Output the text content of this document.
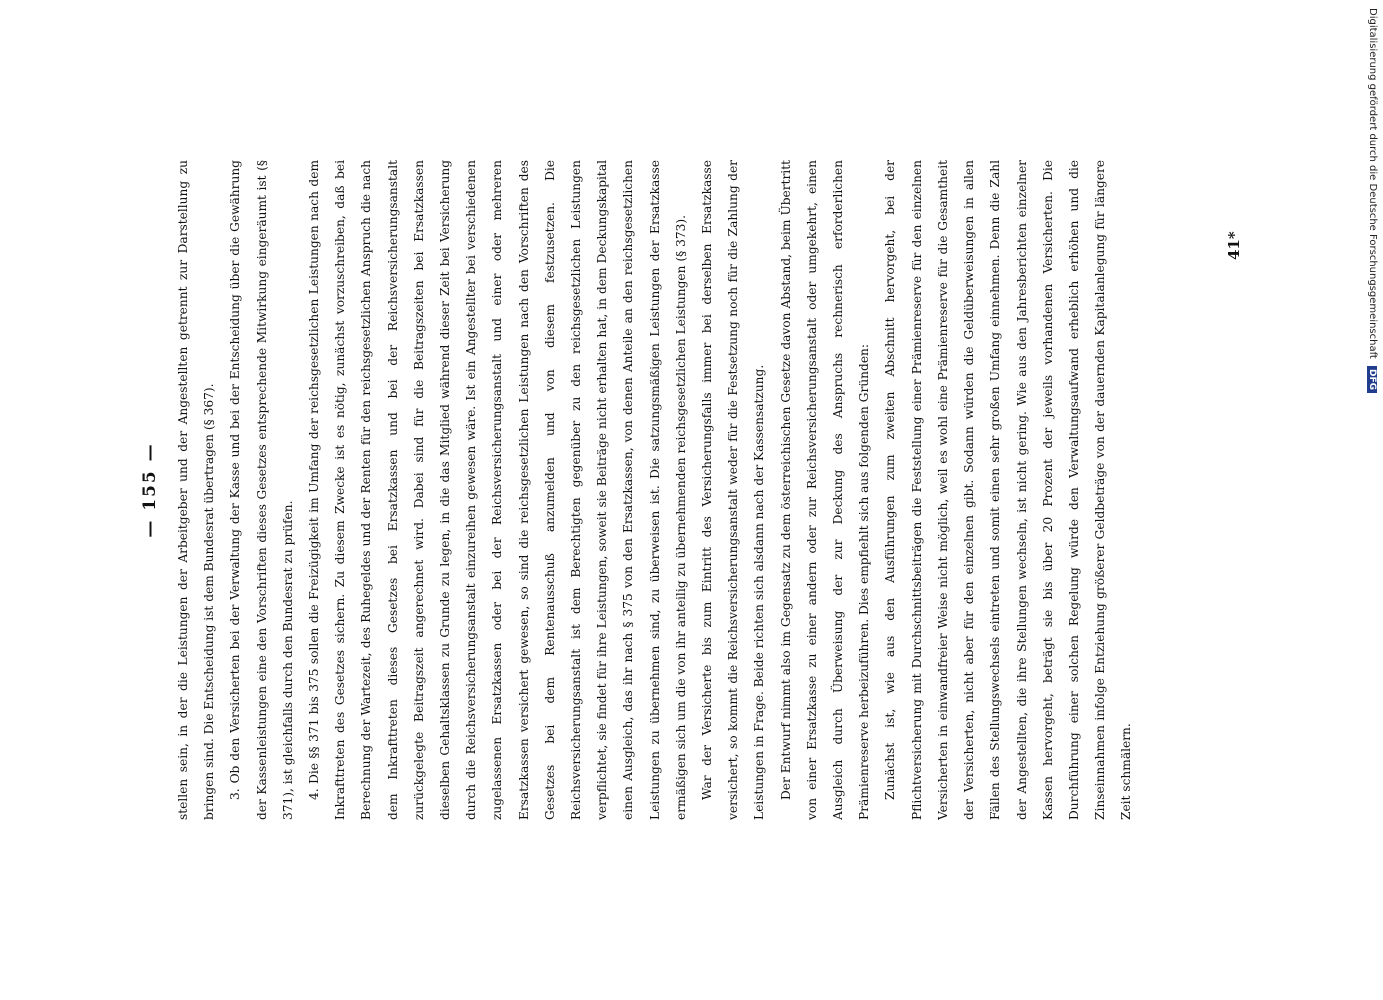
— 155 —	stellen sein, in der die Leistungen der Arbeitgeber und der Angestellten getrennt zur Darstellung zu bringen sind. Die Entscheidung ist dem Bundesrat übertragen (§ 367).	3. Ob den Versicherten bei der Verwaltung der Kasse und bei der Entscheidung über die Gewährung der Kassenleistungen eine den Vorschriften dieses Gesetzes entsprechende Mitwirkung eingeräumt ist (§ 371), ist gleichfalls durch den Bundesrat zu prüfen.	4. Die §§ 371 bis 375 sollen die Freizügigkeit im Umfang der reichsgesetzlichen Leistungen nach dem Inkrafttreten des Gesetzes sichern. Zu diesem Zwecke ist es nötig, zunächst vorzuschreiben, daß bei Berechnung der Wartezeit, des Ruhegeldes und der Renten für den reichsgesetzlichen Anspruch die nach dem Inkrafttreten dieses Gesetzes bei Ersatzkassen und bei der Reichsversicherungsanstalt zurückgelegte Beitragszeit angerechnet wird. Dabei sind für die Beitragszeiten bei Ersatzkassen dieselben Gehaltsklassen zu Grunde zu legen, in die das Mitglied während dieser Zeit bei Versicherung durch die Reichsversicherungsanstalt einzureihen gewesen wäre. Ist ein Angestellter bei verschiedenen zugelassenen Ersatzkassen oder bei der Reichsversicherungsanstalt und einer oder mehreren Ersatzkassen versichert gewesen, so sind die reichsgesetzlichen Leistungen nach den Vorschriften des Gesetzes bei dem Rentenausschuß anzumelden und von diesem festzusetzen. Die Reichsversicherungsanstalt ist dem Berechtigten gegenüber zu den reichsgesetzlichen Leistungen verpflichtet, sie findet für ihre Leistungen, soweit sie Beiträge nicht erhalten hat, in dem Deckungskapital einen Ausgleich, das ihr nach § 375 von den Ersatzkassen, von denen Anteile an den reichsgesetzlichen Leistungen zu übernehmen sind, zu überweisen ist. Die satzungsmäßigen Leistungen der Ersatzkasse ermäßigen sich um die von ihr anteilig zu übernehmenden reichsgesetzlichen Leistungen (§ 373).	War der Versicherte bis zum Eintritt des Versicherungsfalls immer bei derselben Ersatzkasse versichert, so kommt die Reichsversicherungsanstalt weder für die Festsetzung noch für die Zahlung der Leistungen in Frage. Beide richten sich alsdann nach der Kassensatzung.	Der Entwurf nimmt also im Gegensatz zu dem österreichischen Gesetze davon Abstand, beim Übertritt von einer Ersatzkasse zu einer andern oder zur Reichsversicherungsanstalt oder umgekehrt, einen Ausgleich durch Überweisung der zur Deckung des Anspruchs rechnerisch erforderlichen Prämienreserve herbeizuführen. Dies empfiehlt sich aus folgenden Gründen:	Zunächst ist, wie aus den Ausführungen zum zweiten Abschnitt hervorgeht, bei der Pflichtversicherung mit Durchschnittsbeiträgen die Feststellung einer Prämienreserve für den einzelnen Versicherten in einwandfreier Weise nicht möglich, weil es wohl eine Prämienreserve für die Gesamtheit der Versicherten, nicht aber für den einzelnen gibt. Sodann würden die Geldüberweisungen in allen Fällen des Stellungswechsels eintreten und somit einen sehr großen Umfang einnehmen. Denn die Zahl der Angestellten, die ihre Stellungen wechseln, ist nicht gering. Wie aus den Jahresberichten einzelner Kassen hervorgeht, beträgt sie bis über 20 Prozent der jeweils vorhandenen Versicherten. Die Durchführung einer solchen Regelung würde den Verwaltungsaufwand erheblich erhöhen und die Zinseinnahmen infolge Entziehung größerer Geldbeträge von der dauernden Kapitalanlegung für längere Zeit schmälern.

41*	Digitalisierung gefördert durch die Deutsche Forschungsgemeinschaft DFG
